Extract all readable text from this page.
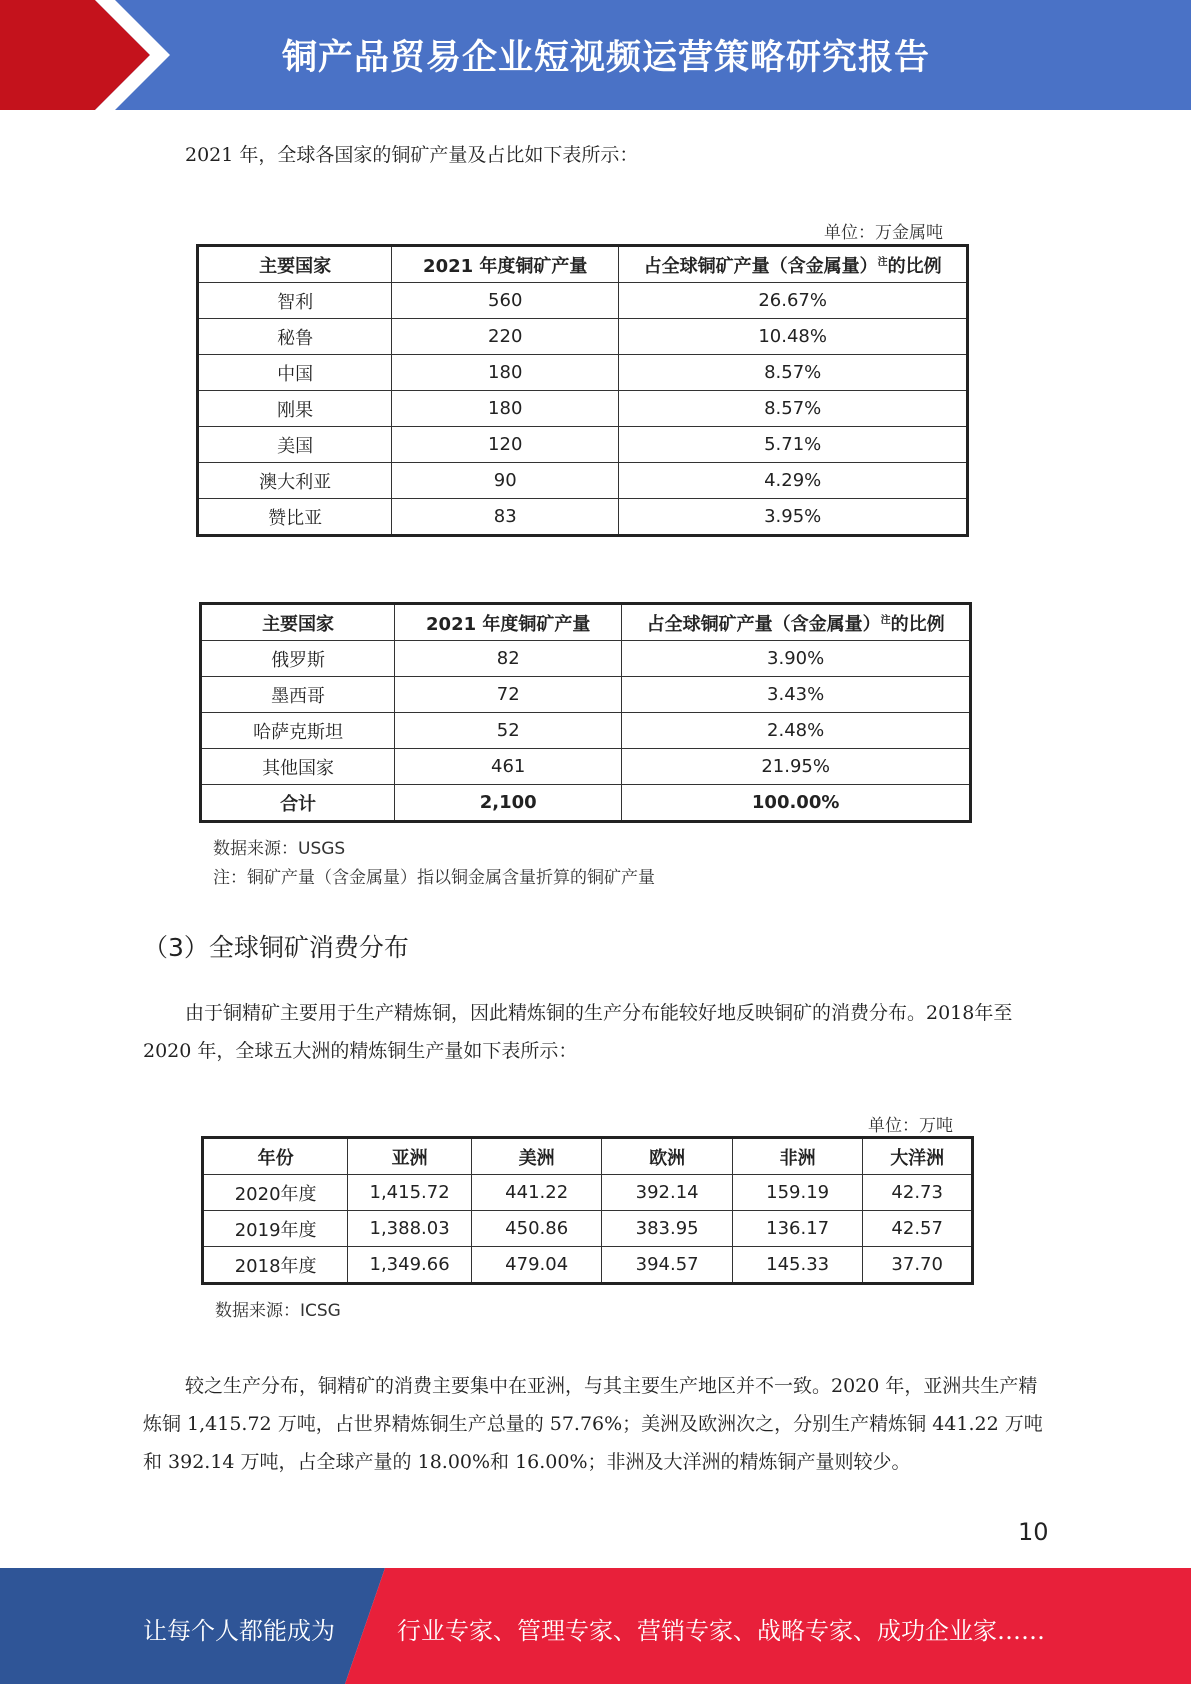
铜产品贸易企业短视频运营策略研究报告

2021 年，全球各国家的铜矿产量及占比如下表所示：

单位：万金属吨
主要国家	2021 年度铜矿产量	占全球铜矿产量（含金属量）$^注$的比例
智利	560	26.67%
秘鲁	220	10.48%
中国	180	8.57%
刚果	180	8.57%
美国	120	5.71%
澳大利亚	90	4.29%
赞比亚	83	3.95%
主要国家	2021 年度铜矿产量	占全球铜矿产量（含金属量）$^注$的比例
俄罗斯	82	3.90%
墨西哥	72	3.43%
哈萨克斯坦	52	2.48%
其他国家	461	21.95%
合计	2,100	100.00%
数据来源：USGS
注：铜矿产量（含金属量）指以铜金属含量折算的铜矿产量
（3）全球铜矿消费分布

由于铜精矿主要用于生产精炼铜，因此精炼铜的生产分布能较好地反映铜矿的消费分布。2018年至 2020 年，全球五大洲的精炼铜生产量如下表所示：

单位：万吨
年份	亚洲	美洲	欧洲	非洲	大洋洲
2020年度	1,415.72	441.22	392.14	159.19	42.73
2019年度	1,388.03	450.86	383.95	136.17	42.57
2018年度	1,349.66	479.04	394.57	145.33	37.70
数据来源：ICSG

较之生产分布，铜精矿的消费主要集中在亚洲，与其主要生产地区并不一致。2020 年，亚洲共生产精炼铜 1,415.72 万吨，占世界精炼铜生产总量的 57.76%；美洲及欧洲次之，分别生产精炼铜 441.22 万吨和 392.14 万吨，占全球产量的 18.00%和 16.00%；非洲及大洋洲的精炼铜产量则较少。

10
让每个人都能成为	行业专家、管理专家、营销专家、战略专家、成功企业家……
